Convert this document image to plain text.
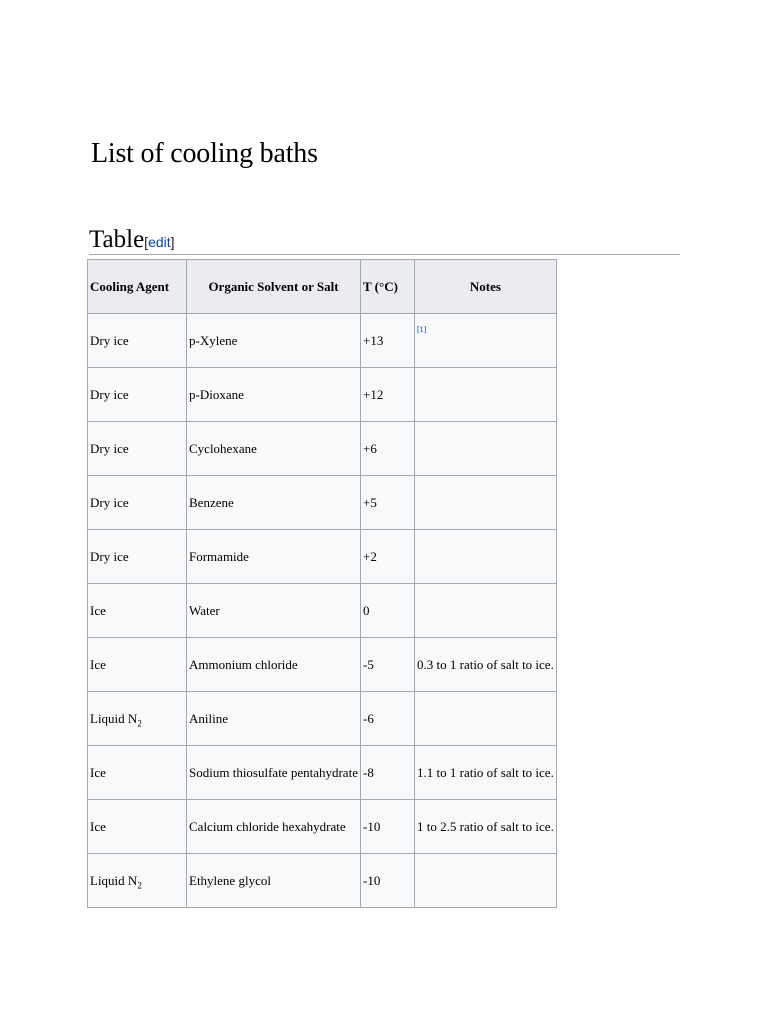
List of cooling baths
Table[edit]
Cooling Agent	Organic Solvent or Salt	T (°C)	Notes
Dry ice	p-Xylene	+13	[1]
Dry ice	p-Dioxane	+12	
Dry ice	Cyclohexane	+6	
Dry ice	Benzene	+5	
Dry ice	Formamide	+2	
Ice	Water	0	
Ice	Ammonium chloride	-5	0.3 to 1 ratio of salt to ice.
Liquid $N_2$	Aniline	-6	
Ice	Sodium thiosulfate pentahydrate	-8	1.1 to 1 ratio of salt to ice.
Ice	Calcium chloride hexahydrate	-10	1 to 2.5 ratio of salt to ice.
Liquid $N_2$	Ethylene glycol	-10	
